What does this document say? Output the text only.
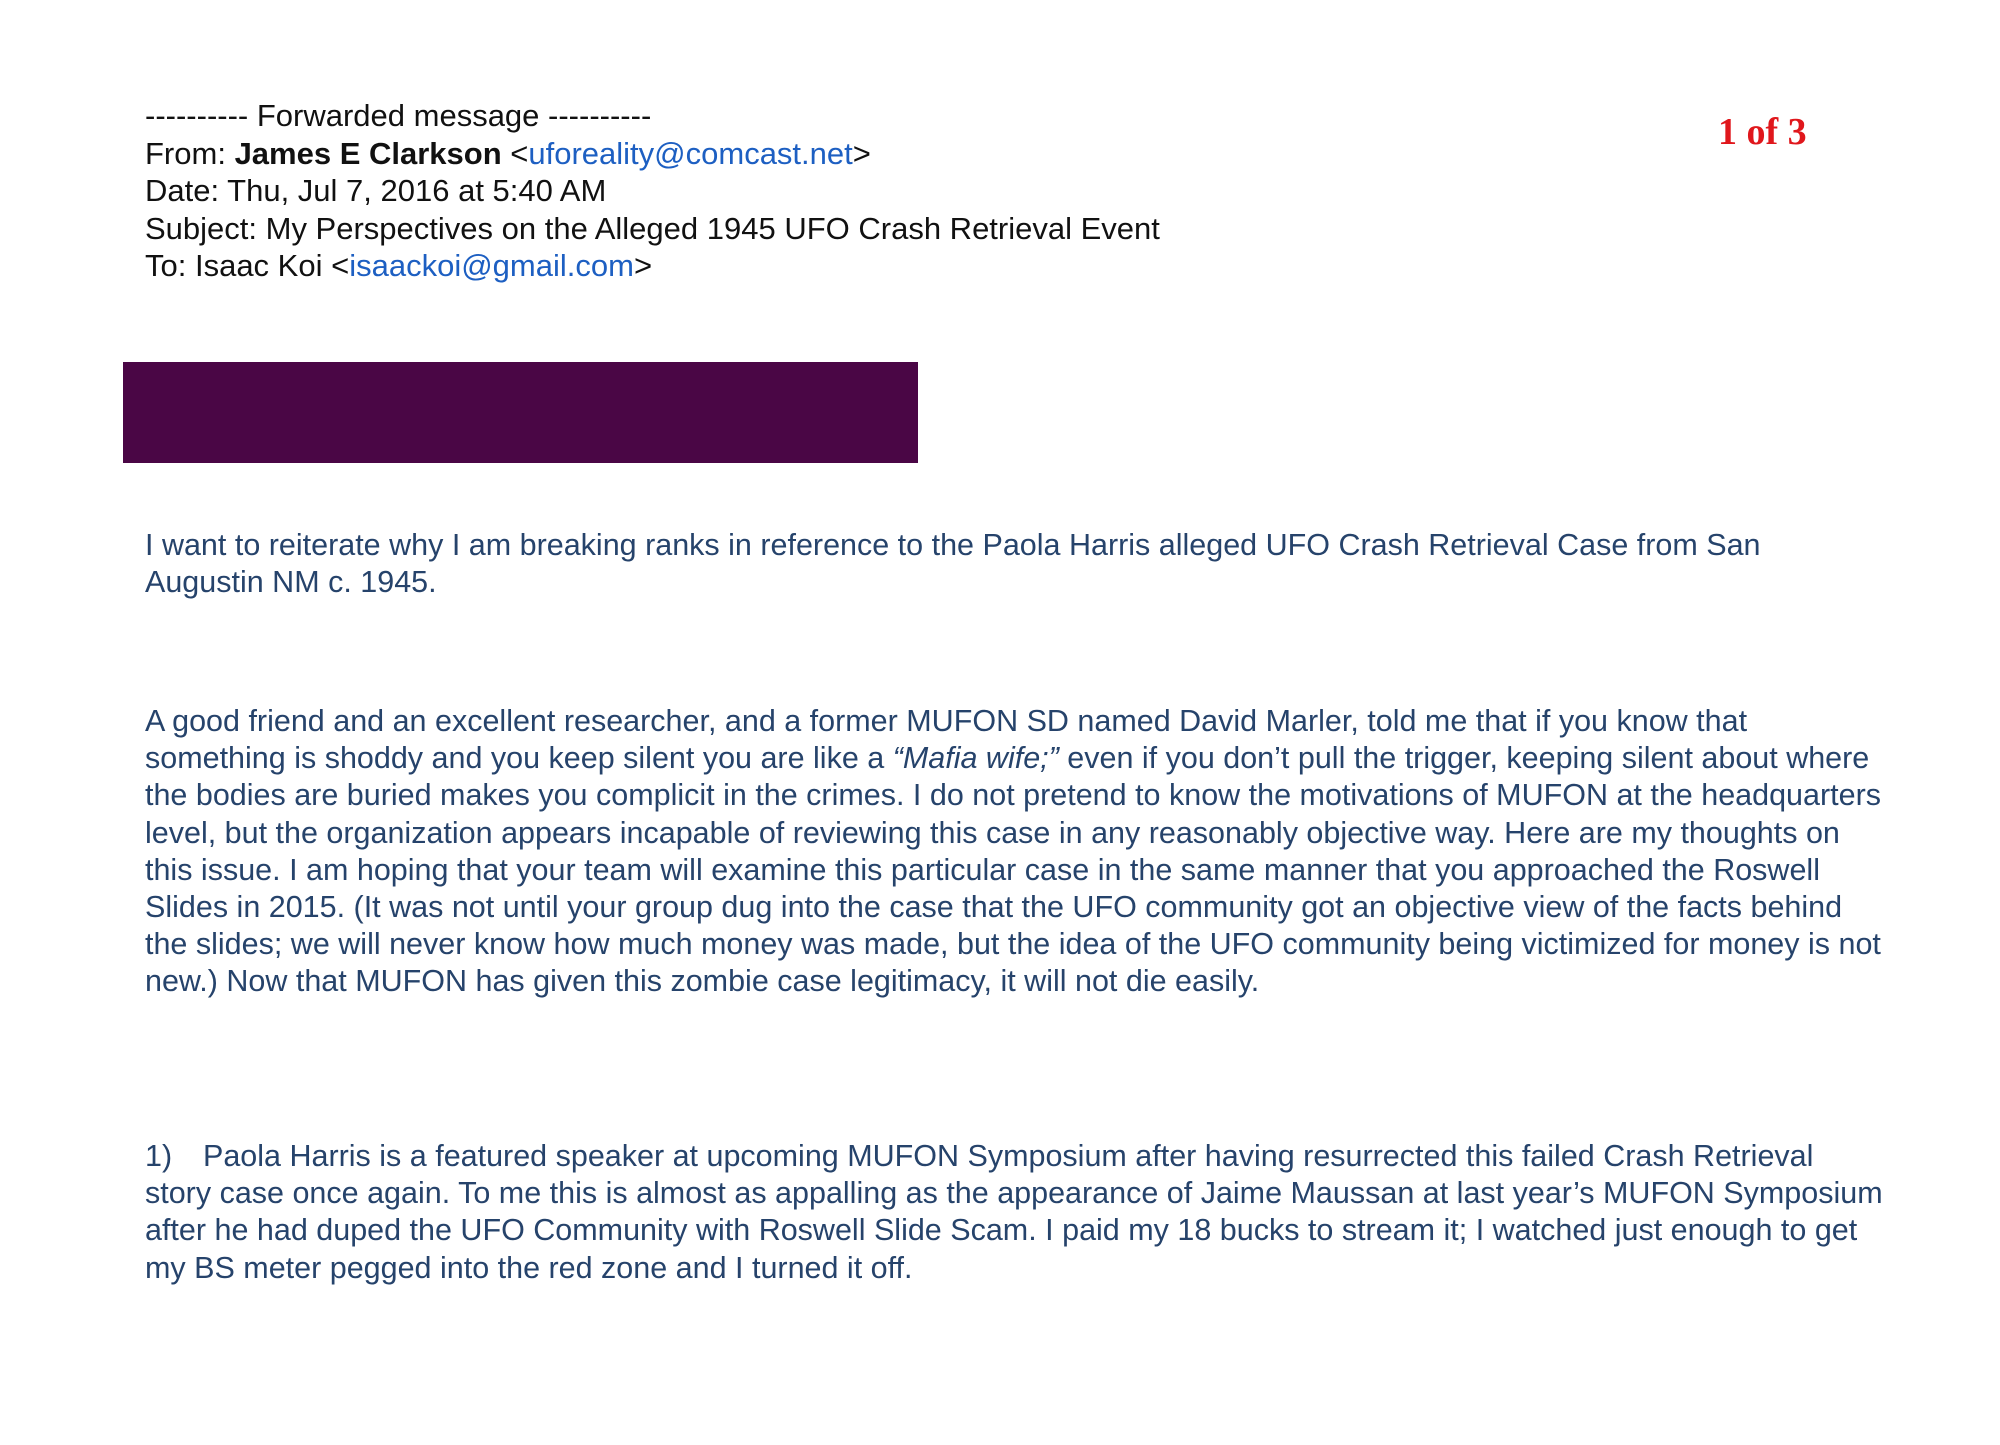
1 of 3
---------- Forwarded message ----------
From: James E Clarkson <uforeality@comcast.net>
Date: Thu, Jul 7, 2016 at 5:40 AM
Subject: My Perspectives on the Alleged 1945 UFO Crash Retrieval Event
To: Isaac Koi <isaackoi@gmail.com>

I want to reiterate why I am breaking ranks in reference to the Paola Harris alleged UFO Crash Retrieval Case from San Augustin NM c. 1945.

A good friend and an excellent researcher, and a former MUFON SD named David Marler, told me that if you know that something is shoddy and you keep silent you are like a “Mafia wife;” even if you don’t pull the trigger, keeping silent about where the bodies are buried makes you complicit in the crimes. I do not pretend to know the motivations of MUFON at the headquarters level, but the organization appears incapable of reviewing this case in any reasonably objective way. Here are my thoughts on this issue. I am hoping that your team will examine this particular case in the same manner that you approached the Roswell Slides in 2015. (It was not until your group dug into the case that the UFO community got an objective view of the facts behind the slides; we will never know how much money was made, but the idea of the UFO community being victimized for money is not new.) Now that MUFON has given this zombie case legitimacy, it will not die easily.

1) Paola Harris is a featured speaker at upcoming MUFON Symposium after having resurrected this failed Crash Retrieval story case once again. To me this is almost as appalling as the appearance of Jaime Maussan at last year’s MUFON Symposium after he had duped the UFO Community with Roswell Slide Scam. I paid my 18 bucks to stream it; I watched just enough to get my BS meter pegged into the red zone and I turned it off.
